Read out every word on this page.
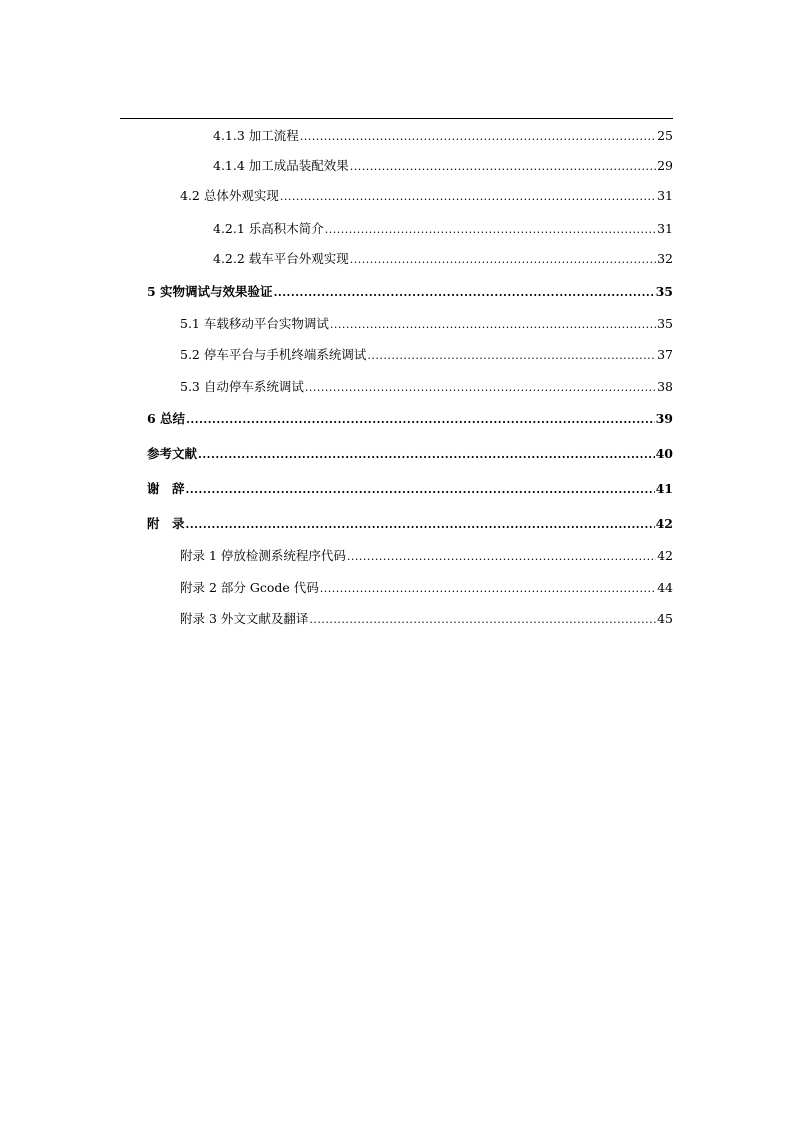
4.1.3 加工流程 .....	25
4.1.4 加工成品装配效果 .....	29
4.2 总体外观实现 .....	31
4.2.1 乐高积木简介 .....	31
4.2.2 载车平台外观实现 .....	32
5 实物调试与效果验证 .....	35
5.1 车载移动平台实物调试 .....	35
5.2 停车平台与手机终端系统调试 .....	37
5.3 自动停车系统调试 .....	38
6 总结 .....	39
参考文献 .....	40
谢　辞 .....	41
附　录 .....	42
附录 1 停放检测系统程序代码 .....	42
附录 2 部分 Gcode 代码 .....	44
附录 3 外文文献及翻译 .....	45
